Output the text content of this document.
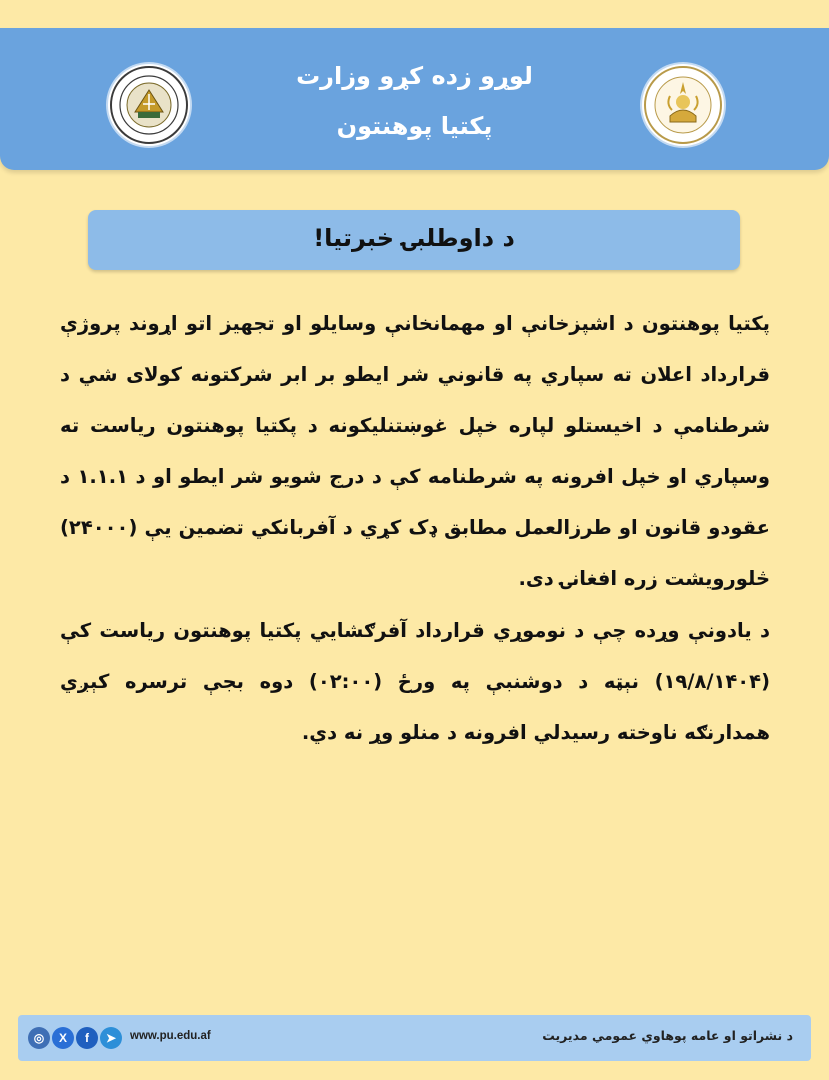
لوړو زده کړو وزارت
پکتیا پوهنتون
د داوطلبۍ خبرتیا!
پکتیا پوهنتون د اشپزخانې او مهمانخانې وسایلو او تجهیز اتو اړوند پروژې قرارداد اعلان ته سپاري په قانوني شر ایطو بر ابر شرکتونه کولای شي د شرطنامې د اخیستلو لپاره خپل غوښتنلیکونه د پکتیا پوهنتون ریاست ته وسپاري او خپل افرونه په شرطنامه کې د درج شویو شر ایطو او د ۱.۱.۱ د عقودو قانون او طرزالعمل مطابق ډک کړي د آفربانکي تضمین یې (۲۴۰۰۰) څلورویشت زره افغانۍ دی.
د یادونې وړده چې د نوموړي قرارداد آفرګشایي پکتیا پوهنتون ریاست کې (۱۹/۸/۱۴۰۴) نېټه د دوشنبې په ورځ (۰۲:۰۰) دوه بجې ترسره کېږي همدارنګه ناوخته رسیدلي افرونه د منلو وړ نه دي.
◎	X	f	➤	www.pu.edu.af	د نشراتو او عامه پوهاوي عمومي مدیریت
